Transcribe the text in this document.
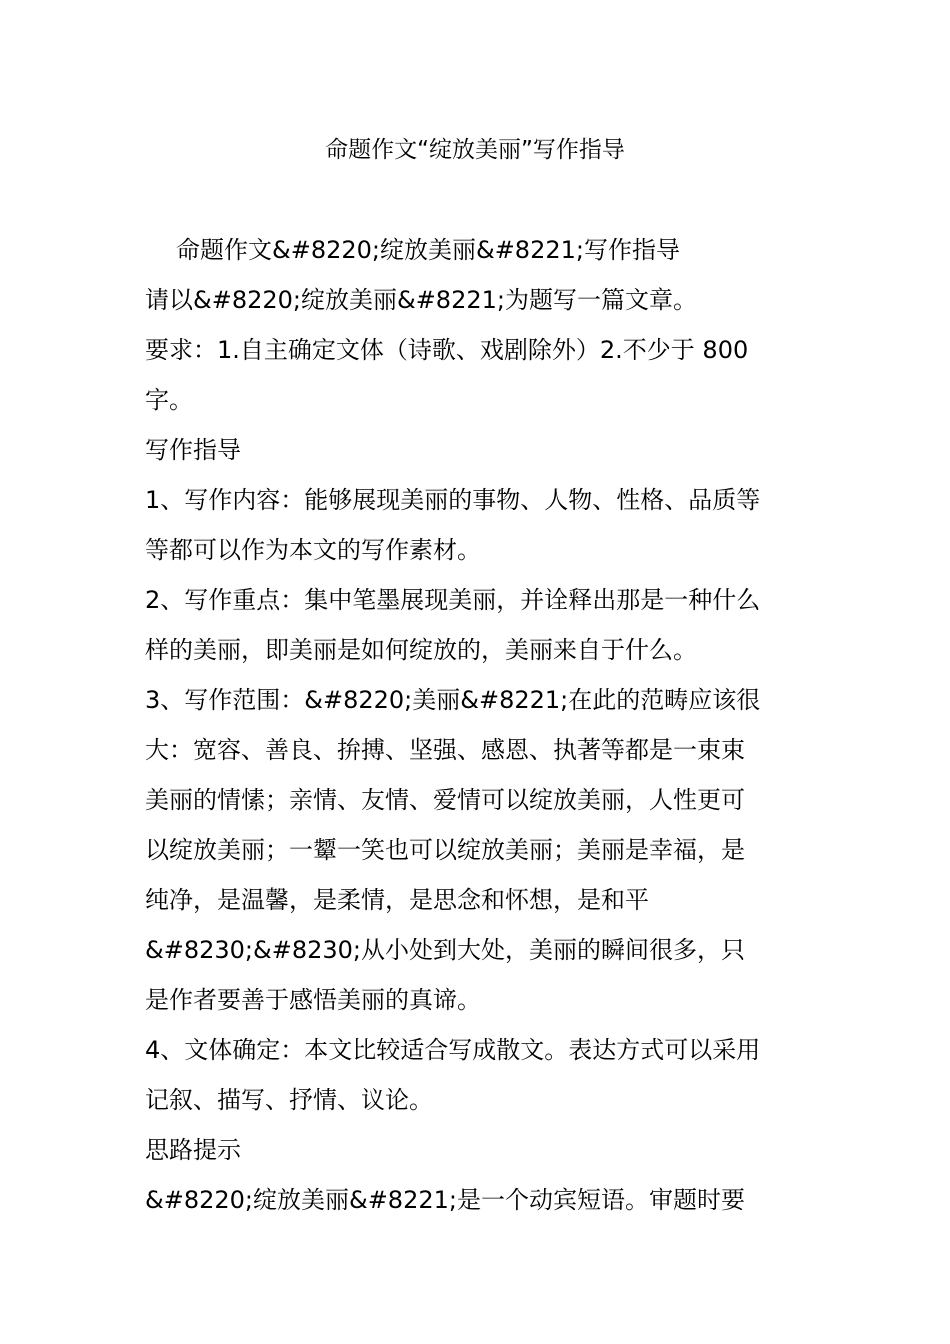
命题作文“绽放美丽”写作指导
命题作文&#8220;绽放美丽&#8221;写作指导
请以&#8220;绽放美丽&#8221;为题写一篇文章。
要求：1.自主确定文体（诗歌、戏剧除外）2.不少于 800
字。
写作指导
1、写作内容：能够展现美丽的事物、人物、性格、品质等
等都可以作为本文的写作素材。
2、写作重点：集中笔墨展现美丽，并诠释出那是一种什么
样的美丽，即美丽是如何绽放的，美丽来自于什么。
3、写作范围：&#8220;美丽&#8221;在此的范畴应该很
大：宽容、善良、拚搏、坚强、感恩、执著等都是一束束
美丽的情愫；亲情、友情、爱情可以绽放美丽，人性更可
以绽放美丽；一颦一笑也可以绽放美丽；美丽是幸福，是
纯净，是温馨，是柔情，是思念和怀想，是和平
&#8230;&#8230;从小处到大处，美丽的瞬间很多，只
是作者要善于感悟美丽的真谛。
4、文体确定：本文比较适合写成散文。表达方式可以采用
记叙、描写、抒情、议论。
思路提示
&#8220;绽放美丽&#8221;是一个动宾短语。审题时要
